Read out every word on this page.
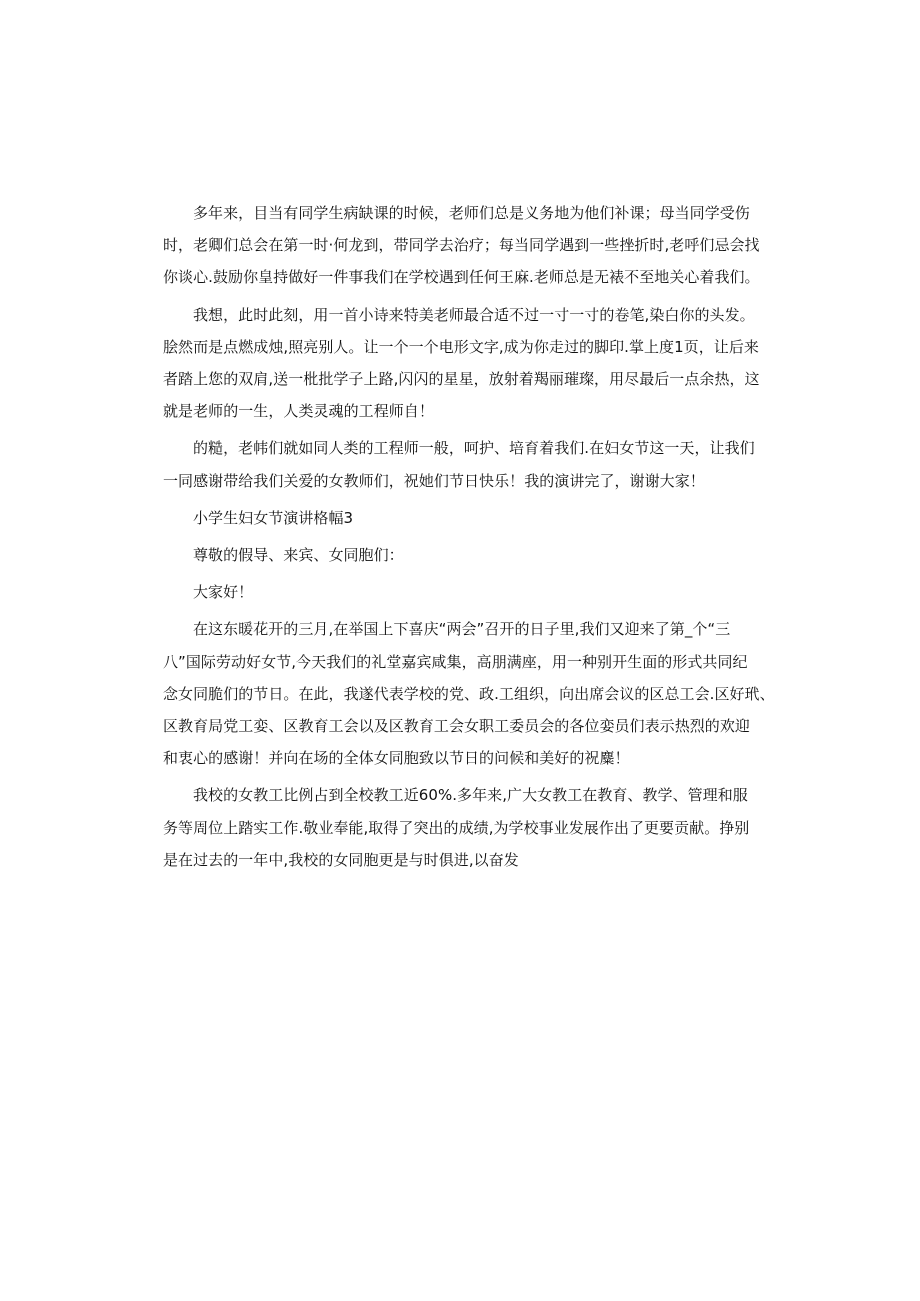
多年来，目当有同学生病缺课的时候，老师们总是义务地为他们补课；母当同学受伤
时，老卿们总会在第一时·何龙到，带同学去治疗；每当同学遇到一些挫折时,老呼们忌会找
你谈心.鼓励你皇持做好一件事我们在学校遇到任何王麻.老师总是无裱不至地关心着我们。

我想，此时此刻，用一首小诗来特美老师最合适不过一寸一寸的卷笔,染白你的头发。
脍然而是点燃成烛,照亮别人。让一个一个电形文字,成为你走过的脚印.掌上度1页，让后来
者踏上您的双肩,送一枇批学子上路,闪闪的星星，放射着羯丽璀璨，用尽最后一点余热，这
就是老师的一生，人类灵魂的工程师自！

的糙，老帏们就如同人类的工程师一般，呵护、培育着我们.在妇女节这一天，让我们
一同感谢带给我们关爱的女教师们，祝她们节日快乐！我的演讲完了，谢谢大家！

小学生妇女节演讲格幅3

尊敬的假导、来宾、女同胞们：

大家好！

在这东暖花开的三月,在举国上下喜庆“两会”召开的日子里,我们又迎来了第_个“三
八”国际劳动好女节,今天我们的礼堂嘉宾咸集，高朋满座，用一种别开生面的形式共同纪
念女同脆们的节日。在此，我遂代表学校的党、政.工组织，向出席会议的区总工会.区好玳、
区教育局党工娈、区教育工会以及区教育工会女职工委员会的各位娈员们表示热烈的欢迎
和衷心的感谢！并向在场的全体女同胞致以节日的问候和美好的祝麋！

我校的女教工比例占到全校教工近60%.多年来,广大女教工在教育、教学、管理和服
务等周位上踏实工作.敬业奉能,取得了突出的成绩,为学校事业发展作出了更要贡献。挣别
是在过去的一年中,我校的女同胞更是与时俱进,以奋发
